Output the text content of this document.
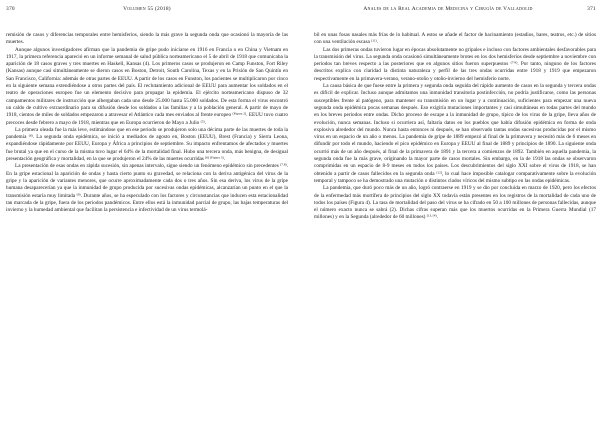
370	Volumen 55 (2018)

remisión de casos y diferencias temporales entre hemisferios, siendo la más grave la segunda onda que ocasionó la mayoría de las muertes.

Aunque algunos investigadores afirman que la pandemia de gripe pudo iniciarse en 1916 en Francia o en China y Vietnam en 1917, la primera referencia apareció en un informe semanal de salud pública norteamericano el 5 de abril de 1918 que comunicaba la aparición de 18 casos graves y tres muertes en Haskell, Kansas (4). Los primeros casos se produjeron en Camp Funston, Fort Riley (Kansas) aunque casi simultáneamente se dieron casos en Boston, Detroit, South Carolina, Texas y en la Prisión de San Quintín en San Francisco, California: además de otras partes de EEUU. A partir de los casos en Funston, los pacientes se multiplicaron por cinco en la siguiente semana extendiéndose a otros partes del país. El reclutamiento adicional de EEUU para aumentar los soldados en el teatro de operaciones europeo fue un elemento decisivo para propagar la epidemia. El ejército norteamericano dispuso de 32 campamentos militares de instrucción que albergaban cada uno desde 25.000 hasta 55.000 soldados. De esta forma el virus encontró un caldo de cultivo extraordinario para su difusión desde los soldados a las familias y a la población general. A partir de mayo de 1918, cientos de miles de soldados empezaron a atravesar el Atlántico cada mes enviados al frente europeo $^{(Figura 2)}$. EEUU tuvo cuatro precoces desde febrero a mayo de 1918, mientras que en Europa ocurrieron de Mayo a Julio $^{(5)}$.

La primera oleada fue la más leve, estimándose que en ese periodo se produjeron solo una décima parte de las muertes de toda la pandemia $^{(6)}$. La segunda onda epidémica, se inició a mediados de agosto en, Boston (EEUU), Brest (Francia) y Sierra Leona, expandiéndose rápidamente por EEUU, Europa y África a principios de septiembre. Su impacto enfrentamos de afectados y muertes fue brutal ya que en el curso de la misma tuvo lugar el 64% de la mortalidad final. Hubo una tercera onda, más benigna, de desigual presentación geográfica y mortalidad, en la que se produjeron el 24% de las muertes ocurridas $^{(6) (Figura 3)}$.

La presentación de esas ondas en rápida sucesión, sin apenas intervalo, sigue siendo un fenómeno epidémico sin precedentes $^{(7,8)}$. En la gripe estacional la aparición de ondas y hasta cierto punto su gravedad, se relaciona con la deriva antigénica del virus de la gripe y la aparición de variantes menores, que ocurre aproximadamente cada dos o tres años. Sin esa deriva, los virus de la gripe humana desaparecerían ya que la inmunidad de grupo producida por sucesivas ondas epidémicas, alcanzarían un punto en el que la transmisión estaría muy limitada $^{(9)}$. Durante años, se ha especulado con los factores y circunstancias que inducen esta estacionalidad tan marcada de la gripe, fuera de los periodos pandémicos. Entre ellos está la inmunidad parcial de grupo, las bajas temperaturas del invierno y la humedad ambiental que facilitan la persistencia e infectividad de un virus termolá-

Anales de la Real Academia de Medicina y Cirugía de Valladolid	371

bil en unas fosas nasales más frías de lo habitual. A estos se añade el factor de hacinamiento (estadios, bares, teatros, etc.) de sitios con una ventilación escasa $^{(11)}$.

Las dos primeras ondas tuvieron lugar en épocas absolutamente no gripales e incluso con factores ambientales desfavorables para la transmisión del virus. La segunda onda ocasionó simultáneamente brotes en los dos hemisferios desde septiembre a noviembre con periodos tan breves respecto a las posteriores que en algunos sitios fueron superpuestos $^{(7-9)}$. Por tanto, ninguno de los factores descritos explica con claridad la distinta naturaleza y perfil de las tres ondas ocurridas entre 1918 y 1919 que empezaron respectivamente en la primavera-verano, verano-otoño y otoño-invierno del hemisferio norte.

La causa básica de que fuese entre la primera y segunda onda seguida del rápido aumento de casos en la segunda y tercera ondas es difícil de explicar. Incluso aunque admitamos una inmunidad transitoria postinfección, no podría justificarse, como las personas susceptibles frente al patógeno, para mantener su transmisión en un lugar y a continuación, suficientes para empezar una nueva segunda onda epidémica pocas semanas después. Eso exigiría mutaciones importantes y casi simultáneas en todas partes del mundo en los breves periodos entre ondas. Dicho proceso de escape a la inmunidad de grupo, típico de los virus de la gripe, lleva años de evolución, nunca semanas. Incluso si ocurriera así, faltaría datos en los pueblos que había difusión epidémica en forma de onda explosiva alrededor del mundo. Nunca hasta entonces ni después, se han observado tantas ondas sucesivas producidas por el mismo virus en un espacio de un año o menos. La pandemia de gripe de 1889 empezó al final de la primavera y necesitó más de 6 meses en difundir por todo el mundo, haciendo el pico epidémico en Europa y EEUU al final de 1889 y principios de 1890. La siguiente onda ocurrió más de un año después, al final de la primavera de 1891 y la tercera a comienzos de 1892. También en aquella pandemia, la segunda onda fue la más grave, originando la mayor parte de casos mortales. Sin embargo, en la de 1918 las ondas se observaron comprimidas en un espacio de 8-9 meses en todos los países. Los descubrimientos del siglo XXI sobre el virus de 1918, se han obtenido a partir de casos fallecidos en la segunda onda $^{(12)}$, lo cual hace imposible catalogar comparativamente sobre la evolución temporal y tampoco se ha demostrado una mutación o distintos clados víricos del mismo subtipo en las ondas epidémicas.

La pandemia, que duró poco más de un año, logró contraerse en 1919 y se dio por concluida en marzo de 1920, pero los efectos de la enfermedad más mortífera de principios del siglo XX todavía están presentes en los registros de la mortalidad de cada uno de todos los países (Figura 4). La tasa de mortalidad del paso del virus se ha cifrado en 50 a 100 millones de personas fallecidas, aunque el número exacto nunca se sabrá (2). Dichas cifras superan más que los muertos ocurridas en la Primera Guerra Mundial (17 millones) y en la Segunda (alrededor de 60 millones) $^{(13,14)}$.
